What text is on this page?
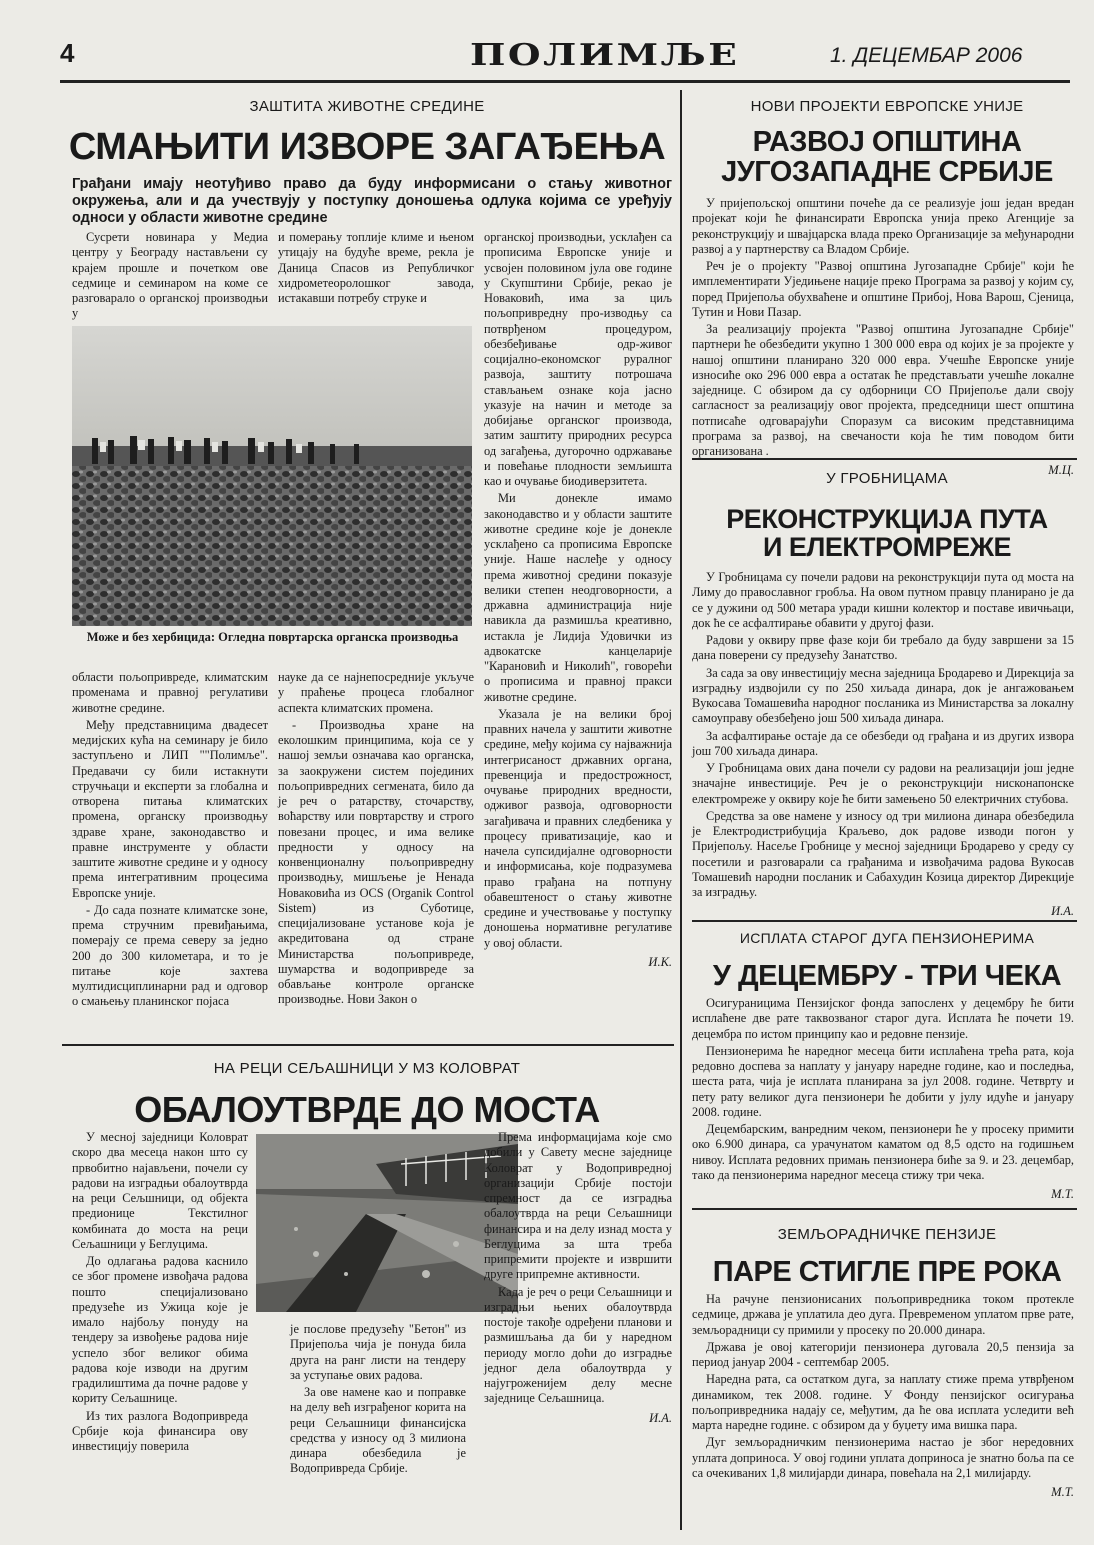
4	ПОЛИМЉЕ	1. ДЕЦЕМБАР 2006
ЗАШТИТА ЖИВОТНЕ СРЕДИНЕ
СМАЊИТИ ИЗВОРЕ ЗАГАЂЕЊА
Грађани имају неотуђиво право да буду информисани о стању животног окружења, али и да учествују у поступку доношења одлука којима се уређују односи у области животне средине

Сусрети новинара у Медиа центру у Београду настављени су крајем прошле и почетком ове седмице и семинаром на коме се разговарало о органској производњи у

и померању топлије климе и њеном утицају на будуће време, рекла је Даница Спасов из Републичког хидрометеоролошког завода, истакавши потребу струке и

Може и без хербицида: Огледна повртарска органска производња

области пољопривреде, климатским променама и правној регулативи животне средине.

Међу представницима двадесет медијских кућа на семинару је било заступљено и ЛИП ""Полимље". Предавачи су били истакнути стручњаци и експерти за глобална и отворена питања климатских промена, органску производњу здраве хране, законодавство и правне инструменте у области заштите животне средине и у односу према интегративним процесима Европске уније.

- До сада познате климатске зоне, према стручним превиђањима, померају се према северу за једно 200 до 300 километара, и то је питање које захтева мултидисциплинарни рад и одговор о смањењу планинског појаса

науке да се најнепосредније укључе у праћење процеса глобалног аспекта климатских промена.

- Производња хране на еколошким принципима, која се у нашој земљи означава као органска, за заокружени систем појединих пољопривредних сегмената, било да је реч о ратарству, сточарству, воћарству или повртарству и строго повезани процес, и има велике предности у односу на конвенционалну пољопривредну производњу, мишљење је Ненада Новаковића из OCS (Organik Control Sistem) из Суботице, специјализоване установе која је акредитована од стране Министарства пољопривреде, шумарства и водопривреде за обављање контроле органске производње. Нови Закон о

органској производњи, усклађен са прописима Европске уније и усвојен половином јула ове године у Скупштини Србије, рекао је Новаковић, има за циљ пољопривредну про-изводњу са потврђеном процедуром, обезбеђивање одр-живог социјално-економског руралног развоја, заштиту потрошача стављањем ознаке која јасно указује на начин и методе за добијање органског производа, затим заштиту природних ресурса од загађења, дугорочно одржавање и повећање плодности земљишта као и очување биодиверзитета.

Ми донекле имамо законодавство и у области заштите животне средине које је донекле усклађено са прописима Европске уније. Наше наслеђе у односу према животној средини показује велики степен неодговорности, а државна администрација није навикла да размишља креативно, истакла је Лидија Удовички из адвокатске канцеларије "Карановић и Николић", говорећи о прописима и правној пракси животне средине.

Указала је на велики број правних начела у заштити животне средине, међу којима су најважнија интегрисаност државних органа, превенција и предострожност, очување природних вредности, одживог развоја, одговорности загађивача и правних следбеника у процесу приватизације, као и начела супсидијалне одговорности и информисања, које подразумева право грађана на потпуну обавештеност о стању животне средине и учествовање у поступку доношења нормативне регулативе у овој области.

И.К.
НА РЕЦИ СЕЉАШНИЦИ У МЗ КОЛОВРАТ
ОБАЛОУТВРДЕ ДО МОСТА

У месној заједници Коловрат скоро два месеца након што су првобитно најављени, почели су радови на изградњи обалоутврда на реци Сељшници, од објекта предионице Текстилног комбината до моста на реци Сељашници у Беглуцима.

До одлагања радова каснило се због промене извођача радова пошто специјализовано предузеће из Ужица које је имало најбољу понуду на тендеру за извођење радова није успело због великог обима радова које изводи на другим градилиштима да почне радове у кориту Сељашнице.

Из тих разлога Водопривреда Србије која финансира ову инвестицију поверила

је послове предузећу "Бетон" из Пријепоља чија је понуда била друга на ранг листи на тендеру за уступање ових радова.

За ове намене као и поправке на делу већ изграђеног корита на реци Сељашници финансијска средства у износу од 3 милиона динара обезбедила је Водопривреда Србије.

Према информацијама које смо добили у Савету месне заједнице Коловрат у Водопривредној организацији Србије постоји спремност да се изградња обалоутврда на реци Сељашници финансира и на делу изнад моста у Беглуцима за шта треба припремити пројекте и извршити друге припремне активности.

Када је реч о реци Сељашници и изградњи њених обалоутврда постоје такође одређени планови и размишљања да би у наредном периоду могло доћи до изградње једног дела обалоутврда у најугроженијем делу месне заједнице Сељашница.

И.А.
НОВИ ПРОЈЕКТИ ЕВРОПСКЕ УНИЈЕ
РАЗВОЈ ОПШТИНА
ЈУГОЗАПАДНЕ СРБИЈЕ

У пријепољској општини почеће да се реализује још један вредан пројекат који ће финансирати Европска унија преко Агенције за реконструкцију и швајцарска влада преко Организације за међународни развој а у партнерству са Владом Србије.

Реч је о пројекту "Развој општина Југозападне Србије" који ће имплементирати Уједињене нације преко Програма за развој у којим су, поред Пријепоља обухваћене и општине Прибој, Нова Варош, Сјеница, Тутин и Нови Пазар.

За реализацију пројекта "Развој општина Југозападне Србије" партнери ће обезбедити укупно 1 300 000 евра од којих је за пројекте у нашој општини планирано 320 000 евра. Учешће Европске уније износиће око 296 000 евра а остатак ће представљати учешће локалне заједнице. С обзиром да су одборници СО Пријепоље дали своју сагласност за реализацију овог пројекта, председници шест општина потписаће одговарајући Споразум са високим представницима програма за развој, на свечаности која ће тим поводом бити организована .

М.Ц.
У ГРОБНИЦАМА
РЕКОНСТРУКЦИЈА ПУТА
И ЕЛЕКТРОМРЕЖЕ

У Гробницама су почели радови на реконструкцији пута од моста на Лиму до православног гробља. На овом путном правцу планирано је да се у дужини од 500 метара уради кишни колектор и поставе ивичњаци, док ће се асфалтирање обавити у другој фази.

Радови у оквиру прве фазе који би требало да буду завршени за 15 дана поверени су предузећу Занатство.

За сада за ову инвестицију месна заједница Бродарево и Дирекција за изградњу издвојили су по 250 хиљада динара, док је ангажовањем Вукосава Томашевића народног посланика из Министарства за локалну самоуправу обезбеђено још 500 хиљада динара.

За асфалтирање остаје да се обезбеди од грађана и из других извора још 700 хиљада динара.

У Гробницама ових дана почели су радови на реализацији још једне значајне инвестиције. Реч је о реконструкцији нисконапонске електромреже у оквиру које ће бити замењено 50 електричних стубова.

Средства за ове намене у износу од три милиона динара обезбедила је Електродистрибуција Краљево, док радове изводи погон у Пријепољу. Насеље Гробнице у месној заједници Бродарево у среду су посетили и разговарали са грађанима и извођачима радова Вукосав Томашевић народни посланик и Сабахудин Козица директор Дирекције за изградњу.

И.А.
ИСПЛАТА СТАРОГ ДУГА ПЕНЗИОНЕРИМА
У ДЕЦЕМБРУ - ТРИ ЧЕКА

Осигураницима Пензијског фонда запосленх у децембру ће бити исплаћене две рате таквозваног старог дуга. Исплата ће почети 19. децембра по истом принципу као и редовне пензије.

Пензионерима ће наредног месеца бити исплаћена трећа рата, која редовно доспева за наплату у јануару наредне године, као и последња, шеста рата, чија је исплата планирана за јул 2008. године. Четврту и пету рату великог дуга пензионери ће добити у јулу идуће и јануару 2008. године.

Децембарским, ванредним чеком, пензионери ће у просеку примити око 6.900 динара, са урачунатом каматом од 8,5 одсто на годишњем нивоу. Исплата редовних примањ пензионера биће за 9. и 23. децембар, тако да пензионерима наредног месеца стижу три чека.

М.Т.
ЗЕМЉОРАДНИЧКЕ ПЕНЗИЈЕ
ПАРЕ СТИГЛЕ ПРЕ РОКА

На рачуне пензионисаних пољопривредника током протекле седмице, држава је уплатила део дуга. Превременом уплатом прве рате, земљорадници су примили у просеку по 20.000 динара.

Држава је овој категорији пензионера дуговала 20,5 пензија за период јануар 2004 - септембар 2005.

Наредна рата, са остатком дуга, за наплату стиже према утврђеном динамиком, тек 2008. године. У Фонду пензијског осигурања пољопривредника надају се, међутим, да ће ова исплата уследити већ марта наредне године. с обзиром да у буџету има вишка пара.

Дуг земљорадничким пензионерима настао је због нередовних уплата доприноса. У овој години уплата доприноса је знатно боља па се са очекиваних 1,8 милијарди динара, повећала на 2,1 милијарду.

М.Т.
